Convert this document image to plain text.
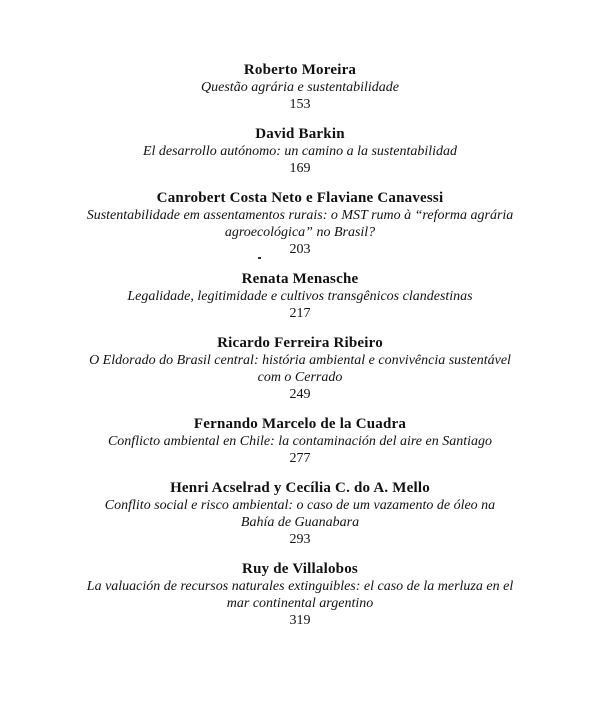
Roberto Moreira
Questão agrária e sustentabilidade
153
David Barkin
El desarrollo autónomo: un camino a la sustentabilidad
169
Canrobert Costa Neto e Flaviane Canavessi
Sustentabilidade em assentamentos rurais: o MST rumo à “reforma agrária
agroecológica” no Brasil?
203
Renata Menasche
Legalidade, legitimidade e cultivos transgênicos clandestinas
217
Ricardo Ferreira Ribeiro
O Eldorado do Brasil central: história ambiental e convivência sustentável
com o Cerrado
249
Fernando Marcelo de la Cuadra
Conflicto ambiental en Chile: la contaminación del aire en Santiago
277
Henri Acselrad y Cecília C. do A. Mello
Conflito social e risco ambiental: o caso de um vazamento de óleo na
Bahía de Guanabara
293
Ruy de Villalobos
La valuación de recursos naturales extinguibles: el caso de la merluza en el
mar continental argentino
319
